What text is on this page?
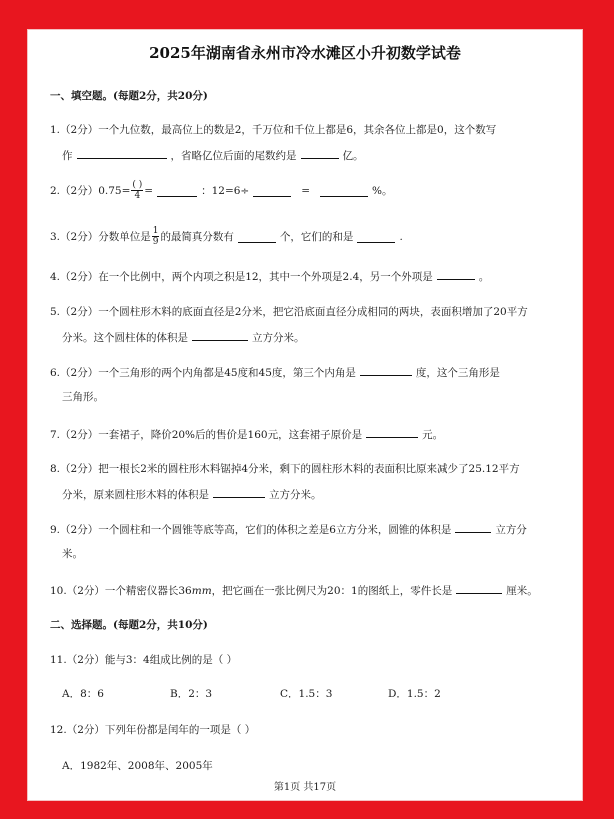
2025年湖南省永州市冷水滩区小升初数学试卷
一、填空题。(每题2分，共20分)
1.（2分）一个九位数，最高位上的数是2，千万位和千位上都是6，其余各位上都是0，这个数写
作	，省略亿位后面的尾数约是	亿。
2.（2分）$0.75= \frac{( )}{4}$ =	：12=6÷	=	%。
3.（2分）分数单位是 $\frac{1}{9}$ 的最简真分数有	个，它们的和是	.
4.（2分）在一个比例中，两个内项之积是12，其中一个外项是2.4，另一个外项是	。
5.（2分）一个圆柱形木料的底面直径是2分米，把它沿底面直径分成相同的两块，表面积增加了20平方
分米。这个圆柱体的体积是	立方分米。
6.（2分）一个三角形的两个内角都是45度和45度，第三个内角是	度，这个三角形是
三角形。
7.（2分）一套裙子，降价20%后的售价是160元，这套裙子原价是	元。
8.（2分）把一根长2米的圆柱形木料锯掉4分米，剩下的圆柱形木料的表面积比原来减少了25.12平方
分米，原来圆柱形木料的体积是	立方分米。
9.（2分）一个圆柱和一个圆锥等底等高，它们的体积之差是6立方分米，圆锥的体积是	立方分
米。
10.（2分）一个精密仪器长36mm，把它画在一张比例尺为20：1的图纸上，零件长是	厘米。
二、选择题。(每题2分，共10分)
11.（2分）能与3：4组成比例的是（ ）
A．8：6	B．2：3	C．1.5：3	D．1.5：2
12.（2分）下列年份都是闰年的一项是（ ）
A．1982年、2008年、2005年
第1页 共17页
